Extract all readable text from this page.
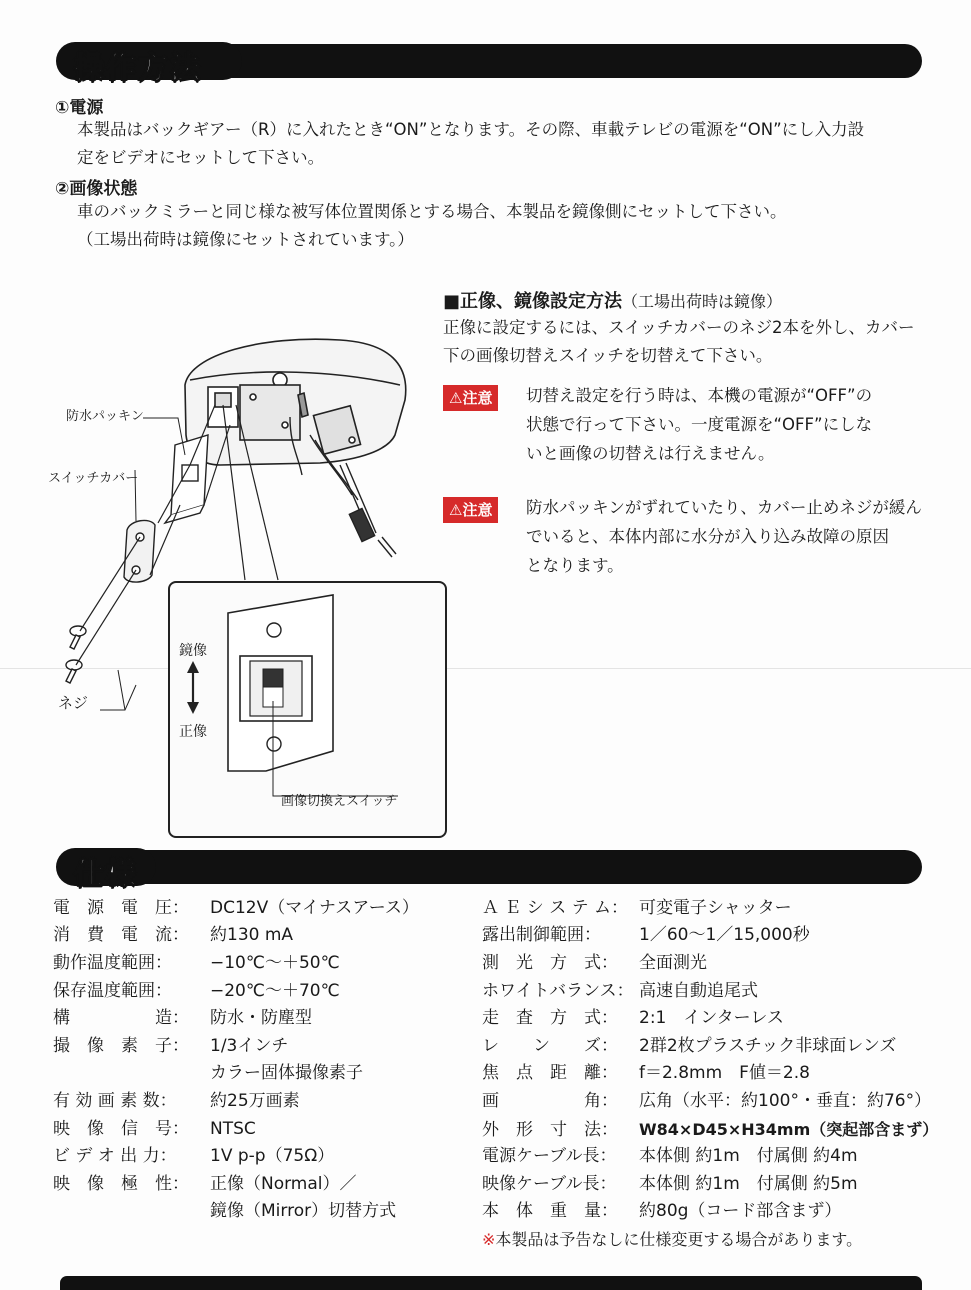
操作方法
①電源
本製品はバックギアー（R）に入れたとき“ON”となります。その際、車載テレビの電源を“ON”にし入力設
定をビデオにセットして下さい。
②画像状態
車のバックミラーと同じ様な被写体位置関係とする場合、本製品を鏡像側にセットして下さい。
（工場出荷時は鏡像にセットされています。）
■正像、鏡像設定方法（工場出荷時は鏡像）
正像に設定するには、スイッチカバーのネジ2本を外し、カバー
下の画像切替えスイッチを切替えて下さい。
⚠注意	切替え設定を行う時は、本機の電源が“OFF”の
状態で行って下さい。一度電源を“OFF”にしな
いと画像の切替えは行えません。
⚠注意	防水パッキンがずれていたり、カバー止めネジが緩ん
でいると、本体内部に水分が入り込み故障の原因
となります。
防水パッキン
スイッチカバー
ネジ
鏡像
正像
画像切換えスイッチ
仕様
電　源　電　圧： DC12V（マイナスアース）
消　費　電　流： 約130 mA
動作温度範囲： −10℃〜＋50℃
保存温度範囲： −20℃〜＋70℃
構　　　　　造： 防水・防塵型
撮　像　素　子： 1/3インチ
カラー固体撮像素子
有 効 画 素 数： 約25万画素
映　像　信　号： NTSC
ビ デ オ 出 力： 1V p-p（75Ω）
映　像　極　性： 正像（Normal）／
鏡像（Mirror）切替方式
Ａ Ｅ シ ス テ ム： 可変電子シャッター
露出制御範囲： 1／60〜1／15,000秒
測　光　方　式： 全面測光
ホワイトバランス： 高速自動追尾式
走　査　方　式： 2:1　インターレス
レ　　ン　　ズ： 2群2枚プラスチック非球面レンズ
焦　点　距　離： f＝2.8mm　F値＝2.8
画　　　　　角： 広角（水平：約100°・垂直：約76°）
外　形　寸　法： W84×D45×H34mm（突起部含まず）
電源ケーブル長： 本体側 約1m　付属側 約4m
映像ケーブル長： 本体側 約1m　付属側 約5m
本　体　重　量： 約80g（コード部含まず）
※本製品は予告なしに仕様変更する場合があります。
